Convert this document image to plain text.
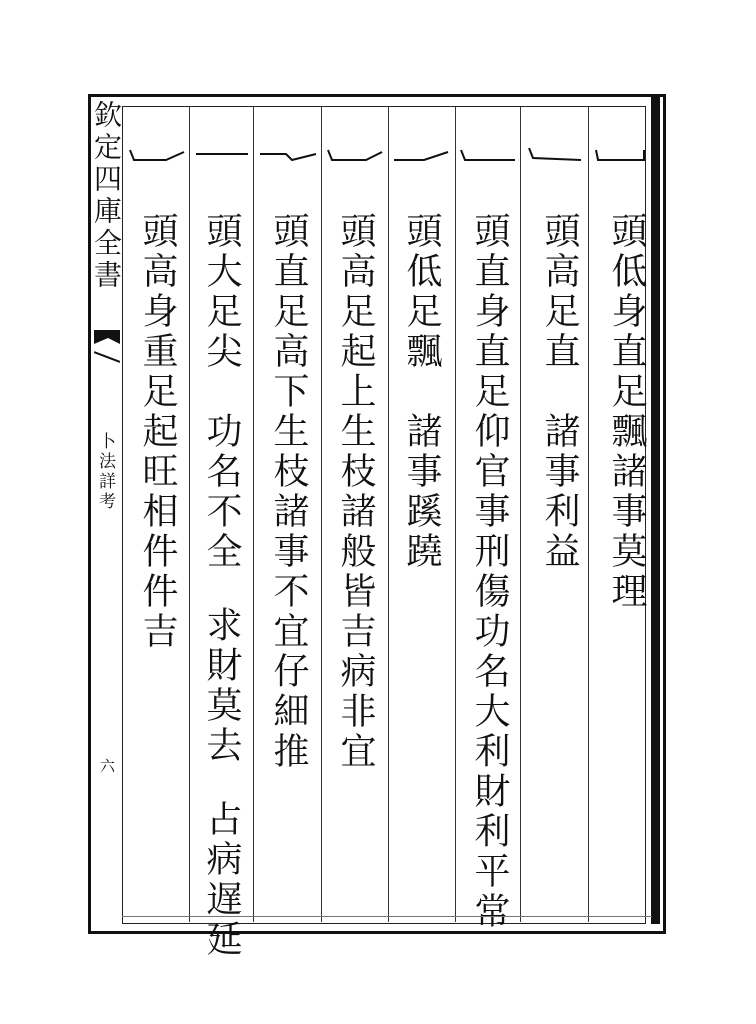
欽定四庫全書
卜法詳考
六
頭低身直足飄諸事莫理
頭高足直諸事利益
頭直身直足仰官事刑傷功名大利財利平常
頭低足飄諸事蹊蹺
頭高足起上生枝諸般皆吉病非宜
頭直足高下生枝諸事不宜仔細推
頭大足尖功名不全求財莫去占病遅延
頭高身重足起旺相件件吉
